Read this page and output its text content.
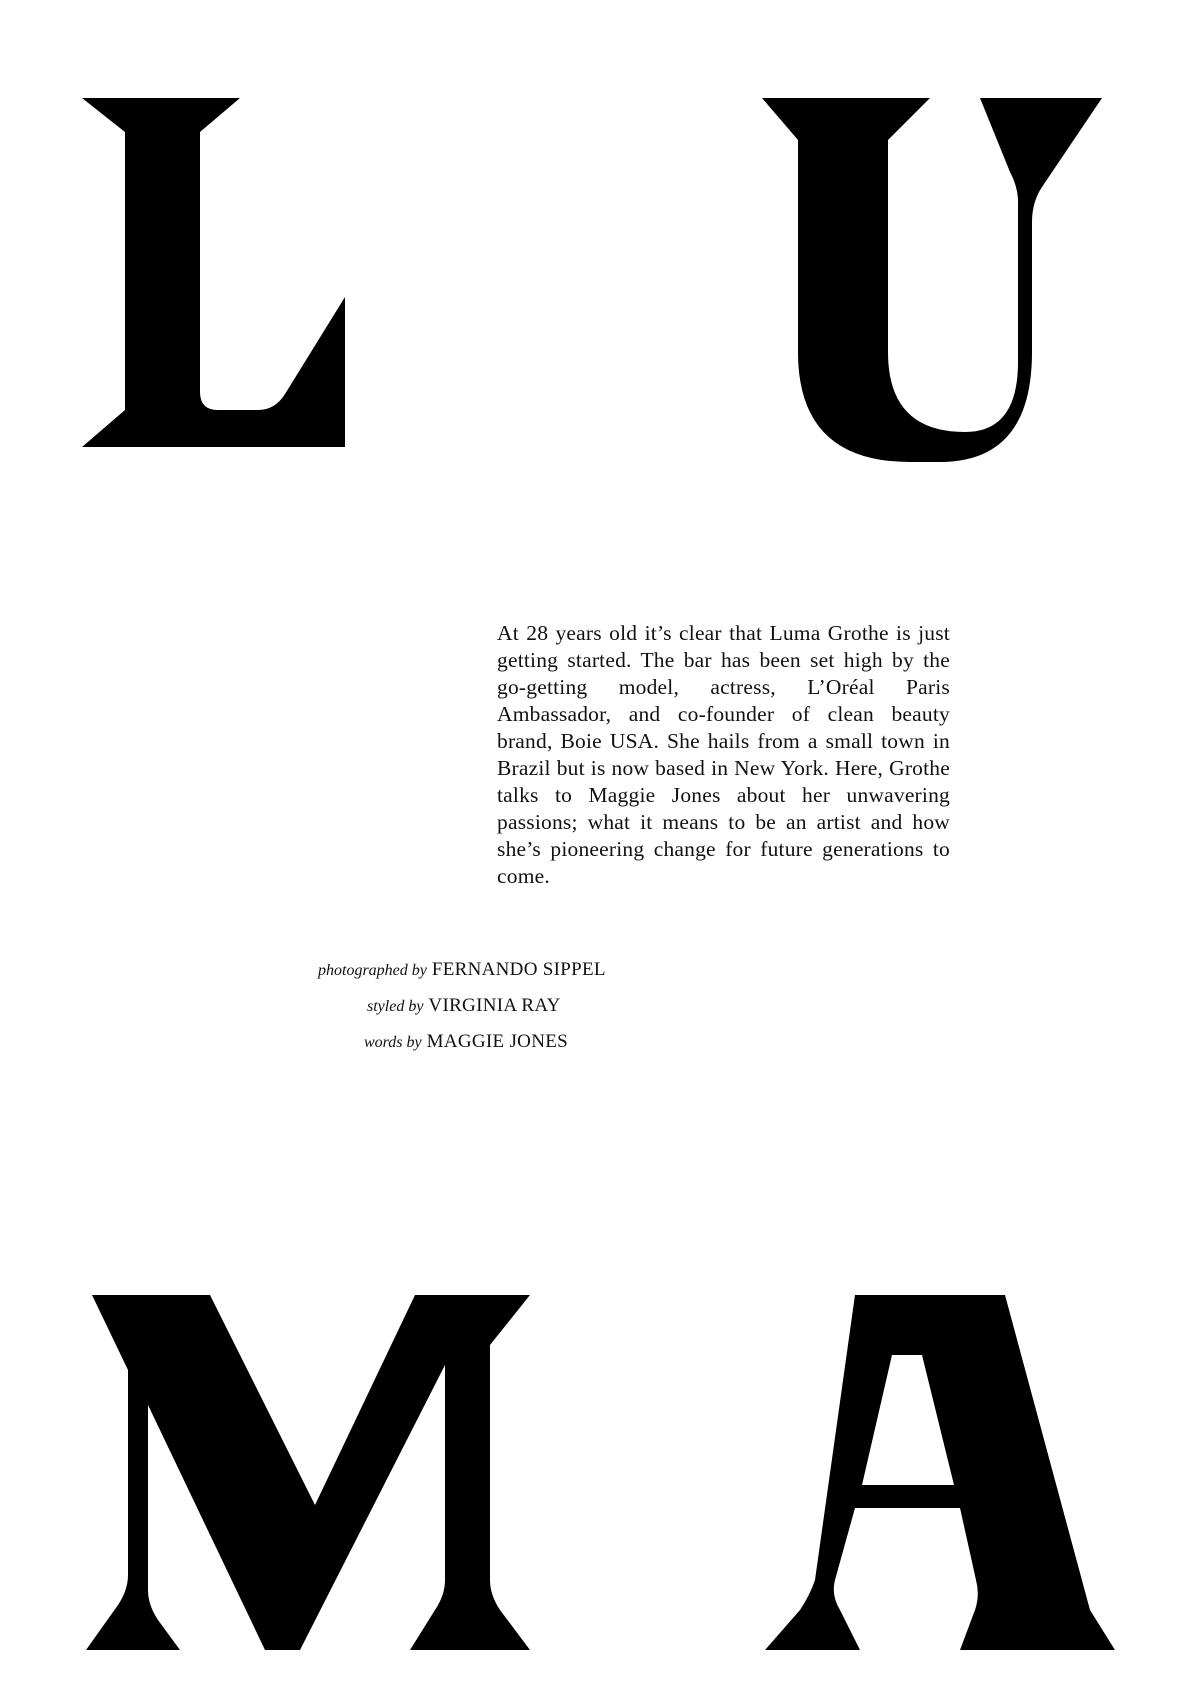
At 28 years old it’s clear that Luma Grothe is just getting started. The bar has been set high by the go-getting model, actress, L’Oréal Paris Ambassador, and co-founder of clean beauty brand, Boie USA. She hails from a small town in Brazil but is now based in New York. Here, Grothe talks to Maggie Jones about her unwavering passions; what it means to be an artist and how she’s pioneering change for future generations to come.

photographed by FERNANDO SIPPEL
styled by VIRGINIA RAY
words by MAGGIE JONES
